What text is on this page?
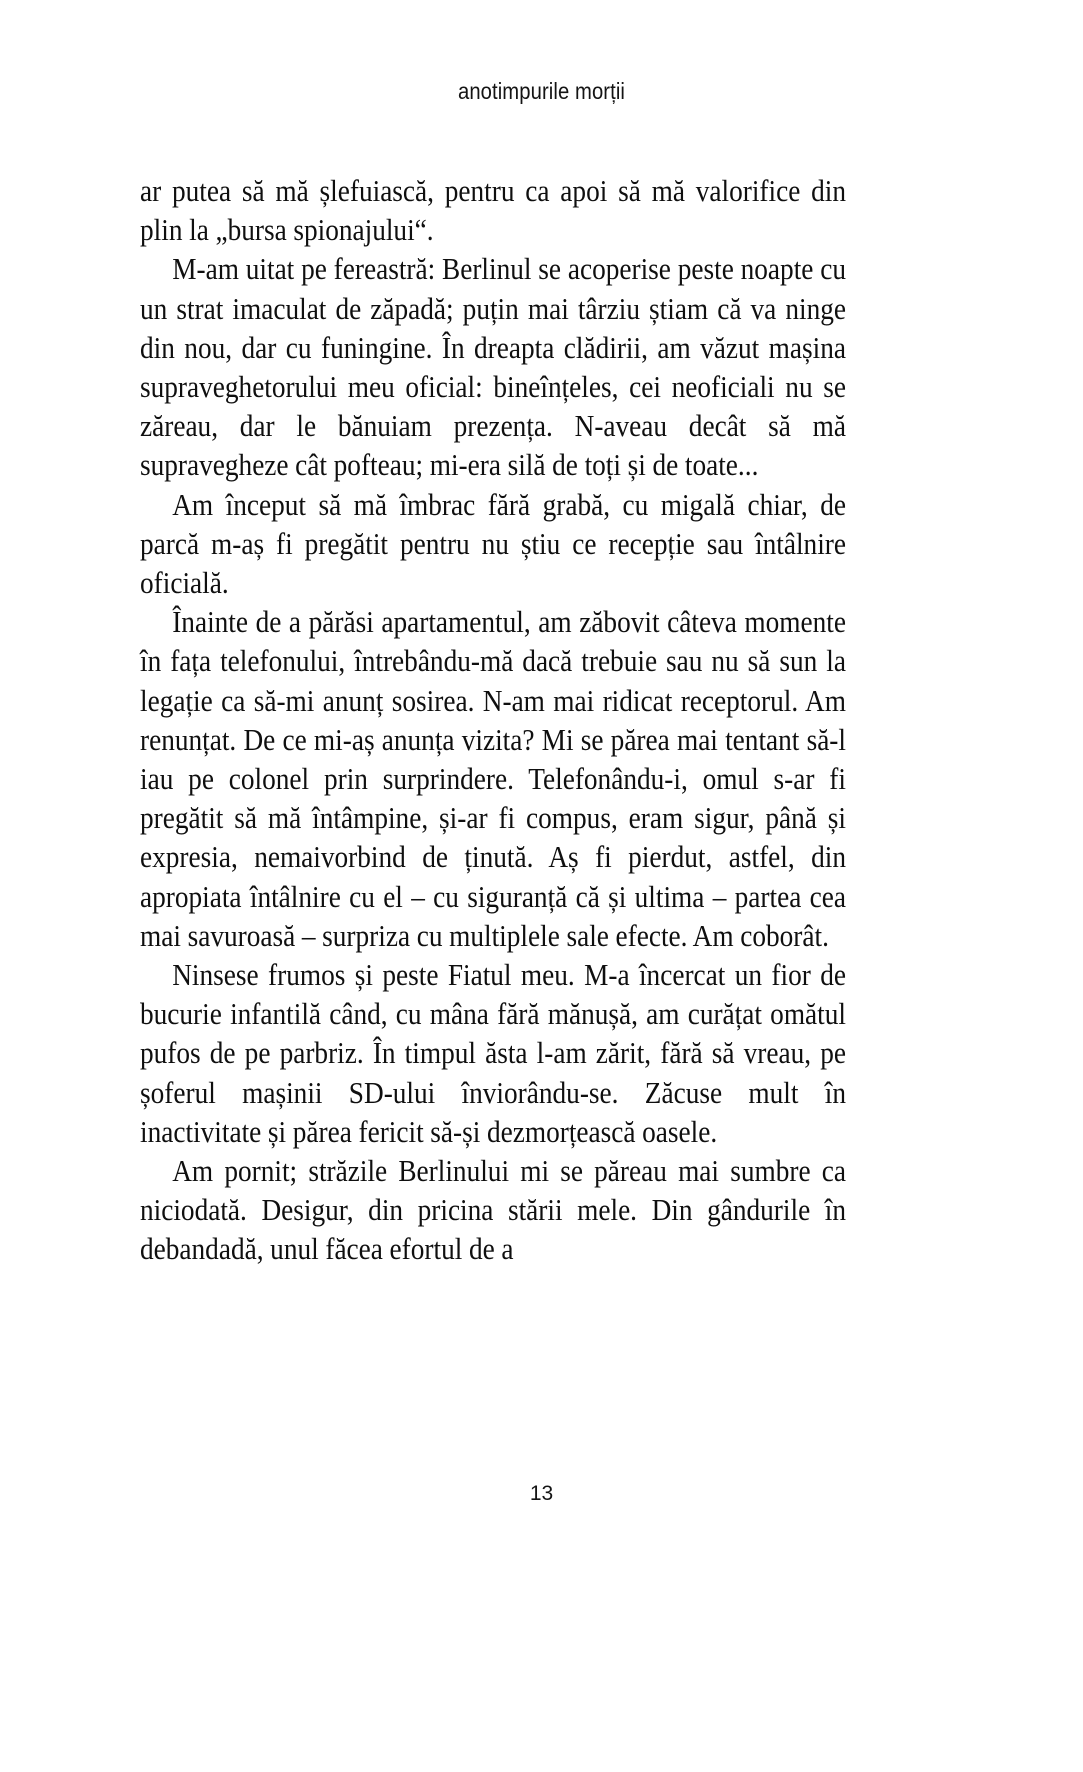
anotimpurile morții

ar putea să mă șlefuiască, pentru ca apoi să mă valorifice din plin la „bursa spionajului“.

M-am uitat pe fereastră: Berlinul se acoperise peste noapte cu un strat imaculat de zăpadă; puțin mai târziu știam că va ninge din nou, dar cu funingine. În dreapta clădirii, am văzut mașina supraveghetorului meu oficial: bineînțeles, cei neoficiali nu se zăreau, dar le bănuiam prezența. N-aveau decât să mă supravegheze cât pofteau; mi-era silă de toți și de toate...

Am început să mă îmbrac fără grabă, cu migală chiar, de parcă m-aș fi pregătit pentru nu știu ce recepție sau întâlnire oficială.

Înainte de a părăsi apartamentul, am zăbovit câteva momente în fața telefonului, întrebându-mă dacă trebuie sau nu să sun la legație ca să-mi anunț sosirea. N-am mai ridicat receptorul. Am renunțat. De ce mi-aș anunța vizita? Mi se părea mai tentant să-l iau pe colonel prin surprindere. Telefonându-i, omul s-ar fi pregătit să mă întâmpine, și-ar fi compus, eram sigur, până și expresia, nemaivorbind de ținută. Aș fi pierdut, astfel, din apropiata întâlnire cu el – cu siguranță că și ultima – partea cea mai savuroasă – surpriza cu multiplele sale efecte. Am coborât.

Ninsese frumos și peste Fiatul meu. M-a încercat un fior de bucurie infantilă când, cu mâna fără mănușă, am curățat omătul pufos de pe parbriz. În timpul ăsta l-am zărit, fără să vreau, pe șoferul mașinii SD-ului înviorându-se. Zăcuse mult în inactivitate și părea fericit să-și dezmorțească oasele.

Am pornit; străzile Berlinului mi se păreau mai sumbre ca niciodată. Desigur, din pricina stării mele. Din gândurile în debandadă, unul făcea efortul de a

13
